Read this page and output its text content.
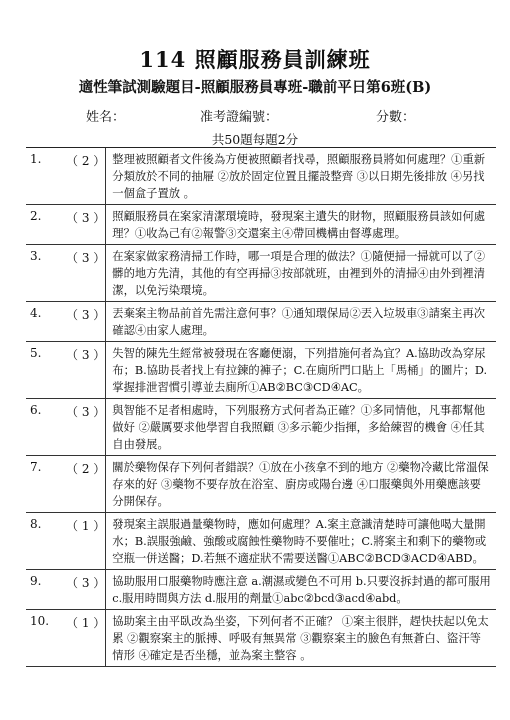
114 照顧服務員訓練班
適性筆試測驗題目-照顧服務員專班-職前平日第6班(B)
姓名：	准考證編號：	分數：
共50題每題2分
1.	（ 2 ）	整理被照顧者文件後為方便被照顧者找尋，照顧服務員將如何處理？①重新分類放於不同的抽屜 ②放於固定位置且擺設整齊 ③以日期先後排放 ④另找一個盒子置放 。
2.	（ 3 ）	照顧服務員在案家清潔環境時，發現案主遺失的財物，照顧服務員該如何處理？①收為己有②報警③交還案主④帶回機構由督導處理。
3.	（ 3 ）	在案家做家務清掃工作時，哪一項是合理的做法？①隨便掃一掃就可以了②髒的地方先清，其他的有空再掃③按部就班，由裡到外的清掃④由外到裡清潔，以免污染環境。
4.	（ 3 ）	丟棄案主物品前首先需注意何事？①通知環保局②丟入垃圾車③請案主再次確認④由家人處理。
5.	（ 3 ）	失智的陳先生經常被發現在客廳便溺，下列措施何者為宜？A.協助改為穿尿布；B.協助長者找上有拉鍊的褲子；C.在廁所門口貼上「馬桶」的圖片；D.掌握排泄習慣引導並去廁所①AB②BC③CD④AC。
6.	（ 3 ）	與智能不足者相處時，下列服務方式何者為正確？①多同情他，凡事都幫他做好 ②嚴厲要求他學習自我照顧 ③多示範少指揮，多給練習的機會 ④任其自由發展。
7.	（ 2 ）	關於藥物保存下列何者錯誤？①放在小孩拿不到的地方 ②藥物冷藏比常溫保存來的好 ③藥物不要存放在浴室、廚房或陽台邊 ④口服藥與外用藥應該要分開保存。
8.	（ 1 ）	發現案主誤服過量藥物時，應如何處理？A.案主意識清楚時可讓他喝大量開水；B.誤服強鹼、強酸或腐蝕性藥物時不要催吐；C.將案主和剩下的藥物或空瓶一併送醫；D.若無不適症狀不需要送醫①ABC②BCD③ACD④ABD。
9.	（ 3 ）	協助服用口服藥物時應注意 a.潮濕或變色不可用 b.只要沒拆封過的都可服用 c.服用時間與方法 d.服用的劑量①abc②bcd③acd④abd。
10.	（ 1 ）	協助案主由平臥改為坐姿，下列何者不正確？ ①案主很胖，趕快扶起以免太累 ②觀察案主的脈搏、呼吸有無異常 ③觀察案主的臉色有無蒼白、盜汗等情形 ④確定是否坐穩，並為案主整容 。
